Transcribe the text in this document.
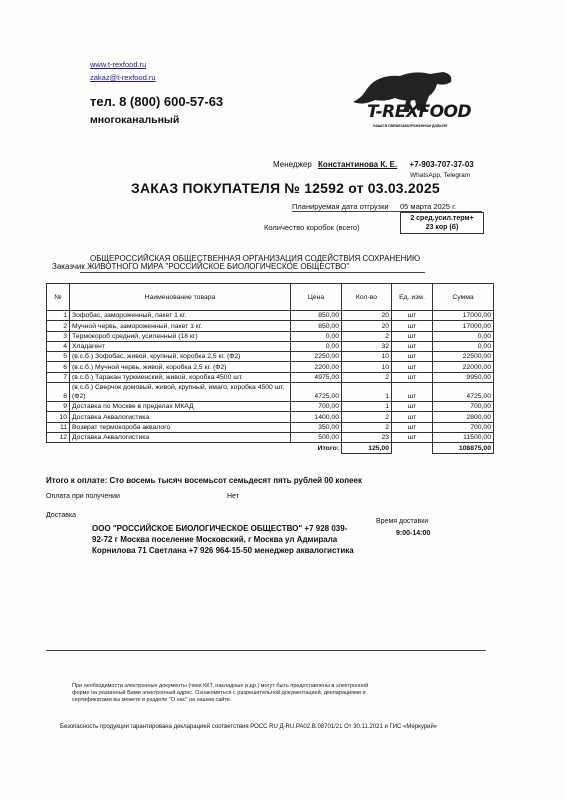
www.t-rexfood.ru
zakaz@t-rexfood.ru
тел. 8 (800) 600-57-63
многоканальный	T-REXFOOD
НАШИ В СВЕЖЕЗАМОРОЖЕННОМ ДОБЫЧЕ
Менеджер Константинова К. Е. +7-903-707-37-03
WhatsApp, Telegram
ЗАКАЗ ПОКУПАТЕЛЯ № 12592 от 03.03.2025
Планируемая дата отгрузки 05 марта 2025 г.
Количество коробок (всего)
2 сред.усил.терм+
23 кор (б)
ОБЩЕРОССИЙСКАЯ ОБЩЕСТВЕННАЯ ОРГАНИЗАЦИЯ СОДЕЙСТВИЯ СОХРАНЕНИЮ
Заказчик ЖИВОТНОГО МИРА "РОССИЙСКОЕ БИОЛОГИЧЕСКОЕ ОБЩЕСТВО"
№	Наименование товара	Цена	Кол-во	Ед. изм.	Сумма
1	Зофобас, замороженный, пакет 1 кг.	850,00	20	шт	17000,00
2	Мучной червь, замороженный, пакет 1 кг.	850,00	20	шт	17000,00
3	Термокороб средний, усиленный (18 кг)	0,00	2	шт	0,00
4	Хладагент	0,00	32	шт	0,00
5	(в.с.б.) Зофобас, живой, крупный, коробка 2,5 кг. (Ф2)	2250,00	10	шт	22500,00
6	(в.с.б.) Мучной червь, живой, коробка 2,5 кг. (Ф2)	2200,00	10	шт	22000,00
7	(в.с.б.) Таракан туркменский, живой, коробка 4500 шт.	4975,00	2	шт	9950,00
8	(в.с.б.) Сверчок домовый, живой, крупный, имаго, коробка 4500 шт. (Ф2)	4725,00	1	шт	4725,00
9	Доставка по Москве в пределах МКАД	700,00	1	шт	700,00
10	Доставка Аквалогистика	1400,00	2	шт	2800,00
11	Возврат термокороба аквалого	350,00	2	шт	700,00
12	Доставка Аквалогистика	500,00	23	шт	11500,00
		Итого:	125,00		108875,00
Итого к оплате: Сто восемь тысяч восемьсот семьдесят пять рублей 00 копеек
Оплата при получении	Нет
Доставка
Время доставки
9:00-14:00
ООО "РОССИЙСКОЕ БИОЛОГИЧЕСКОЕ ОБЩЕСТВО" +7 928 039-
92-72 г Москва поселение Московский, г Москва ул Адмирала
Корнилова 71 Светлана +7 926 964-15-50 менеджер аквалогистика
При необходимости электронные документы (чеки ККТ, накладные и др.) могут быть предоставлены в электронной
форме на указанный Вами электронный адрес. Ознакомиться с разрешительной документацией, декларациями и
сертификатами вы можете в разделе "О нас" на нашем сайте.
Безопасность продукции гарантирована декларацией соответствия РОСС RU Д-RU.PA02.В.08701/21 От 30.11.2021 и ГИС «Меркурий»
